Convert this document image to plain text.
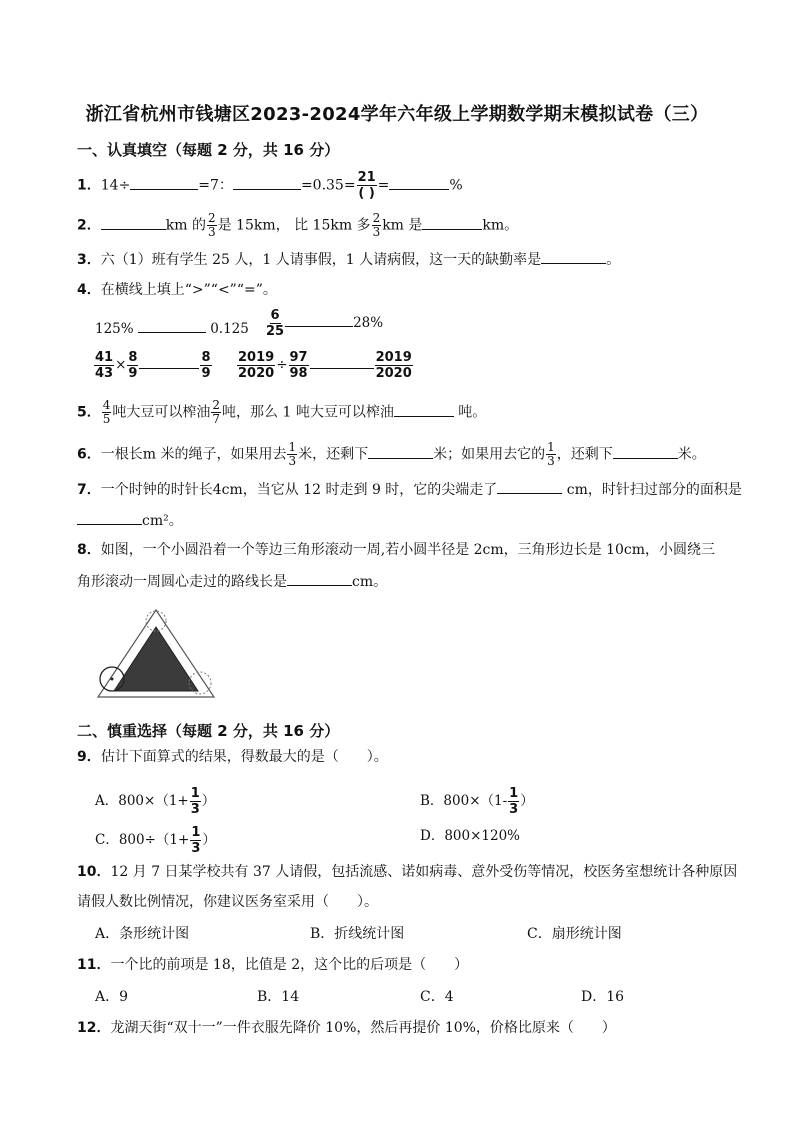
浙江省杭州市钱塘区2023-2024学年六年级上学期数学期末模拟试卷（三）
一、认真填空（每题 2 分，共 16 分）
1．14÷	=7：	$=0.35= \frac{21}{( )}$ =	%
2．	km 的 $\frac{2}{3}$ 是 15km， 比 15km 多 $\frac{2}{3}$ km 是	km。
3．六（1）班有学生 25 人，1 人请事假，1 人请病假，这一天的缺勤率是	。
4．在横线上填上“>”“<”“=”。
125%	$0.125 \frac{6}{25}$	28%
$\frac{41}{43} \times \frac{8}{9}$	$\frac{8}{9} \frac{2019}{2020} \div \frac{97}{98}$	$\frac{2019}{2020}$
5． $\frac{4}{5}$ 吨大豆可以榨油 $\frac{2}{7}$ 吨，那么 1 吨大豆可以榨油	吨。
6．一根长m 米的绳子，如果用去 $\frac{1}{3}$ 米，还剩下	米；如果用去它的 $\frac{1}{3}$ ，还剩下	米。
7．一个时钟的时针长4cm，当它从 12 时走到 9 时，它的尖端走了	cm，时针扫过部分的面积是
cm²。
8．如图，一个小圆沿着一个等边三角形滚动一周,若小圆半径是 2cm，三角形边长是 10cm，小圆绕三
角形滚动一周圆心走过的路线长是	cm。
二、慎重选择（每题 2 分，共 16 分）
9．估计下面算式的结果，得数最大的是（　　）。
A．$800\times(1+ \frac{1}{3}$ ）	B．$800\times(1- \frac{1}{3}$ ）
C．$800\div(1+ \frac{1}{3}$ ）	D．800×120%
10．12 月 7 日某学校共有 37 人请假，包括流感、诺如病毒、意外受伤等情况，校医务室想统计各种原因
请假人数比例情况，你建议医务室采用（　　）。
A．条形统计图	B．折线统计图	C．扇形统计图
11．一个比的前项是 18，比值是 2，这个比的后项是（　　）
A．9	B．14	C．4	D．16
12．龙湖天街“双十一”一件衣服先降价 10%，然后再提价 10%，价格比原来（　　）
